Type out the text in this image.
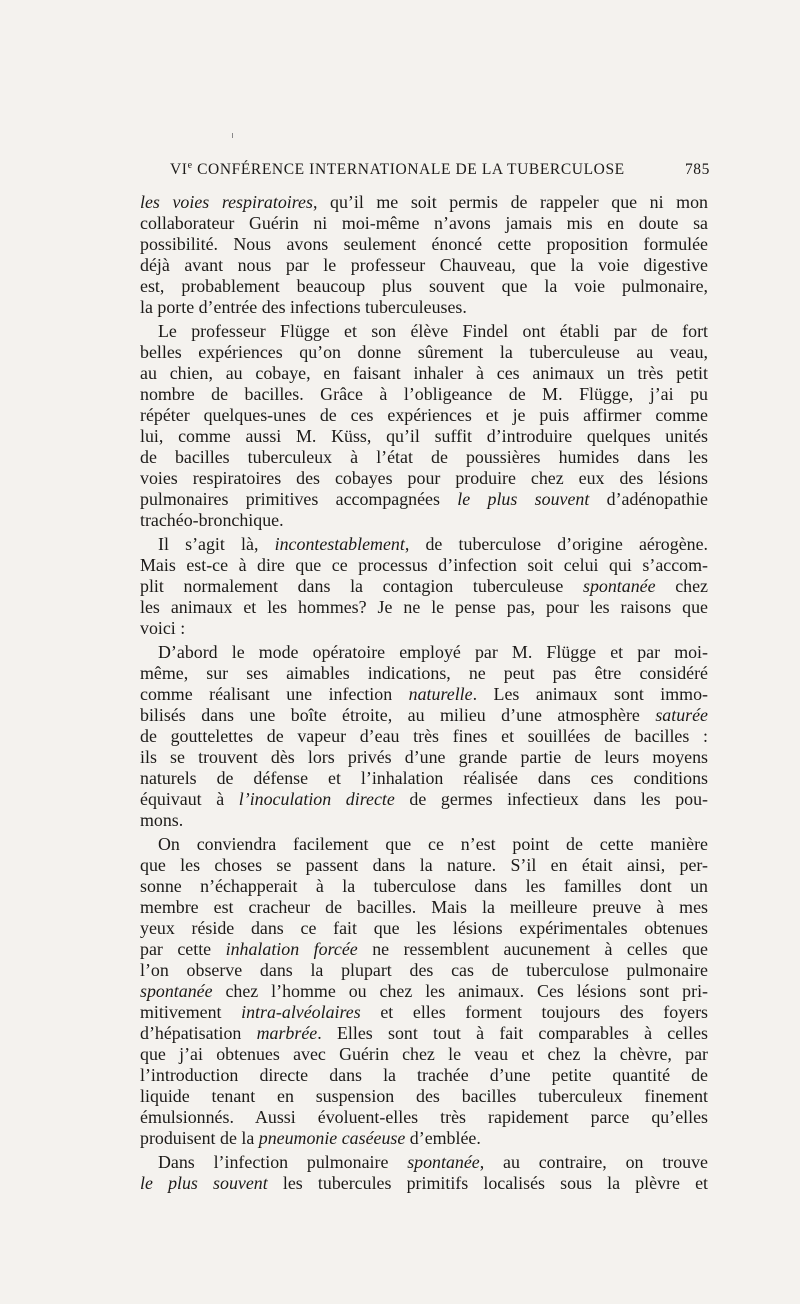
VIe CONFÉRENCE INTERNATIONALE DE LA TUBERCULOSE	785
les voies respiratoires, qu’il me soit permis de rappeler que ni mon
collaborateur Guérin ni moi-même n’avons jamais mis en doute sa
possibilité. Nous avons seulement énoncé cette proposition formulée
déjà avant nous par le professeur Chauveau, que la voie digestive
est, probablement beaucoup plus souvent que la voie pulmonaire,
la porte d’entrée des infections tuberculeuses.
Le professeur Flügge et son élève Findel ont établi par de fort
belles expériences qu’on donne sûrement la tuberculeuse au veau,
au chien, au cobaye, en faisant inhaler à ces animaux un très petit
nombre de bacilles. Grâce à l’obligeance de M. Flügge, j’ai pu
répéter quelques-unes de ces expériences et je puis affirmer comme
lui, comme aussi M. Küss, qu’il suffit d’introduire quelques unités
de bacilles tuberculeux à l’état de poussières humides dans les
voies respiratoires des cobayes pour produire chez eux des lésions
pulmonaires primitives accompagnées le plus souvent d’adénopathie
trachéo-bronchique.
Il s’agit là, incontestablement, de tuberculose d’origine aérogène.
Mais est-ce à dire que ce processus d’infection soit celui qui s’accom-
plit normalement dans la contagion tuberculeuse spontanée chez
les animaux et les hommes? Je ne le pense pas, pour les raisons que
voici :
D’abord le mode opératoire employé par M. Flügge et par moi-
même, sur ses aimables indications, ne peut pas être considéré
comme réalisant une infection naturelle. Les animaux sont immo-
bilisés dans une boîte étroite, au milieu d’une atmosphère saturée
de gouttelettes de vapeur d’eau très fines et souillées de bacilles :
ils se trouvent dès lors privés d’une grande partie de leurs moyens
naturels de défense et l’inhalation réalisée dans ces conditions
équivaut à l’inoculation directe de germes infectieux dans les pou-
mons.
On conviendra facilement que ce n’est point de cette manière
que les choses se passent dans la nature. S’il en était ainsi, per-
sonne n’échapperait à la tuberculose dans les familles dont un
membre est cracheur de bacilles. Mais la meilleure preuve à mes
yeux réside dans ce fait que les lésions expérimentales obtenues
par cette inhalation forcée ne ressemblent aucunement à celles que
l’on observe dans la plupart des cas de tuberculose pulmonaire
spontanée chez l’homme ou chez les animaux. Ces lésions sont pri-
mitivement intra-alvéolaires et elles forment toujours des foyers
d’hépatisation marbrée. Elles sont tout à fait comparables à celles
que j’ai obtenues avec Guérin chez le veau et chez la chèvre, par
l’introduction directe dans la trachée d’une petite quantité de
liquide tenant en suspension des bacilles tuberculeux finement
émulsionnés. Aussi évoluent-elles très rapidement parce qu’elles
produisent de la pneumonie caséeuse d’emblée.
Dans l’infection pulmonaire spontanée, au contraire, on trouve
le plus souvent les tubercules primitifs localisés sous la plèvre et
